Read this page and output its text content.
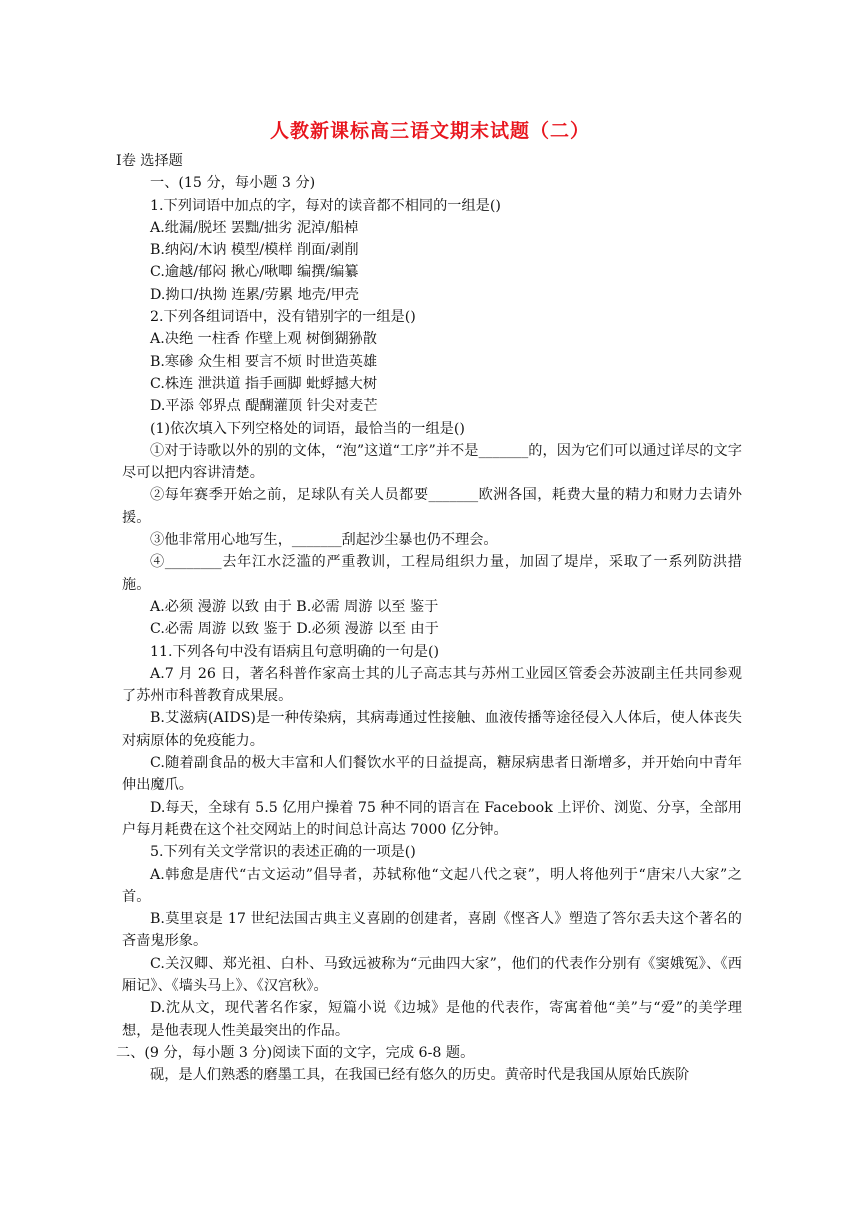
人教新课标高三语文期末试题（二）

Ⅰ卷 选择题

一、(15 分，每小题 3 分)

1.下列词语中加点的字，每对的读音都不相同的一组是()

A.纰漏/脱坯 罢黜/拙劣 泥淖/船棹

B.纳闷/木讷 模型/模样 削面/剥削

C.逾越/郁闷 揪心/啾唧 编撰/编纂

D.拗口/执拗 连累/劳累 地壳/甲壳

2.下列各组词语中，没有错别字的一组是()

A.决绝 一柱香 作壁上观 树倒猢狲散

B.寒碜 众生相 要言不烦 时世造英雄

C.株连 泄洪道 指手画脚 蚍蜉撼大树

D.平添 邻界点 醍醐灌顶 针尖对麦芒

(1)依次填入下列空格处的词语，最恰当的一组是()

①对于诗歌以外的别的文体，“泡”这道“工序”并不是_______的，因为它们可以通过详尽的文字尽可以把内容讲清楚。

②每年赛季开始之前，足球队有关人员都要_______欧洲各国，耗费大量的精力和财力去请外援。

③他非常用心地写生，_______刮起沙尘暴也仍不理会。

④________去年江水泛滥的严重教训，工程局组织力量，加固了堤岸，采取了一系列防洪措施。

A.必须 漫游 以致 由于 B.必需 周游 以至 鉴于

C.必需 周游 以致 鉴于 D.必须 漫游 以至 由于

11.下列各句中没有语病且句意明确的一句是()

A.7 月 26 日，著名科普作家高士其的儿子高志其与苏州工业园区管委会苏波副主任共同参观了苏州市科普教育成果展。

B.艾滋病(AIDS)是一种传染病，其病毒通过性接触、血液传播等途径侵入人体后，使人体丧失对病原体的免疫能力。

C.随着副食品的极大丰富和人们餐饮水平的日益提高，糖尿病患者日渐增多，并开始向中青年伸出魔爪。

D.每天，全球有 5.5 亿用户操着 75 种不同的语言在 Facebook 上评价、浏览、分享，全部用户每月耗费在这个社交网站上的时间总计高达 7000 亿分钟。

5.下列有关文学常识的表述正确的一项是()

A.韩愈是唐代“古文运动”倡导者，苏轼称他“文起八代之衰”，明人将他列于“唐宋八大家”之首。

B.莫里哀是 17 世纪法国古典主义喜剧的创建者，喜剧《悭吝人》塑造了答尔丢夫这个著名的吝啬鬼形象。

C.关汉卿、郑光祖、白朴、马致远被称为“元曲四大家”，他们的代表作分别有《窦娥冤》、《西厢记》、《墙头马上》、《汉宫秋》。

D.沈从文，现代著名作家，短篇小说《边城》是他的代表作，寄寓着他“美”与“爱”的美学理想，是他表现人性美最突出的作品。

二、(9 分，每小题 3 分)阅读下面的文字，完成 6-8 题。

砚，是人们熟悉的磨墨工具，在我国已经有悠久的历史。黄帝时代是我国从原始氏族阶
